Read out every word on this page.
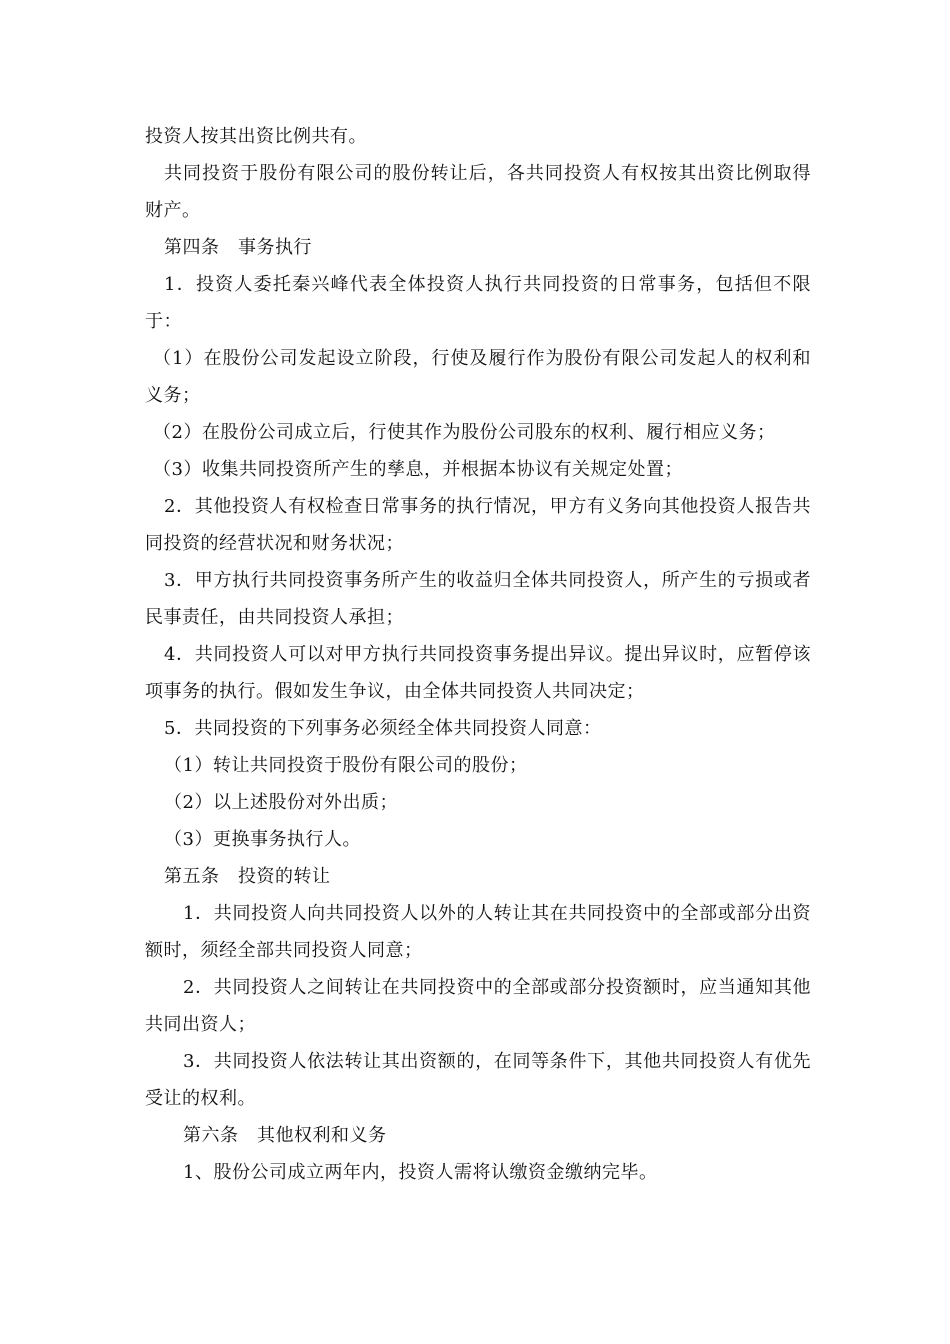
投资人按其出资比例共有。

共同投资于股份有限公司的股份转让后，各共同投资人有权按其出资比例取得财产。

第四条　事务执行

1．投资人委托秦兴峰代表全体投资人执行共同投资的日常事务，包括但不限于：

（1）在股份公司发起设立阶段，行使及履行作为股份有限公司发起人的权利和义务；

（2）在股份公司成立后，行使其作为股份公司股东的权利、履行相应义务；

（3）收集共同投资所产生的孳息，并根据本协议有关规定处置；

2．其他投资人有权检查日常事务的执行情况，甲方有义务向其他投资人报告共同投资的经营状况和财务状况；

3．甲方执行共同投资事务所产生的收益归全体共同投资人，所产生的亏损或者民事责任，由共同投资人承担；

4．共同投资人可以对甲方执行共同投资事务提出异议。提出异议时，应暂停该项事务的执行。假如发生争议，由全体共同投资人共同决定；

5．共同投资的下列事务必须经全体共同投资人同意：

（1）转让共同投资于股份有限公司的股份；

（2）以上述股份对外出质；

（3）更换事务执行人。

第五条　投资的转让

1．共同投资人向共同投资人以外的人转让其在共同投资中的全部或部分出资额时，须经全部共同投资人同意；

2．共同投资人之间转让在共同投资中的全部或部分投资额时，应当通知其他共同出资人；

3．共同投资人依法转让其出资额的，在同等条件下，其他共同投资人有优先受让的权利。

第六条　其他权利和义务

1、股份公司成立两年内，投资人需将认缴资金缴纳完毕。
